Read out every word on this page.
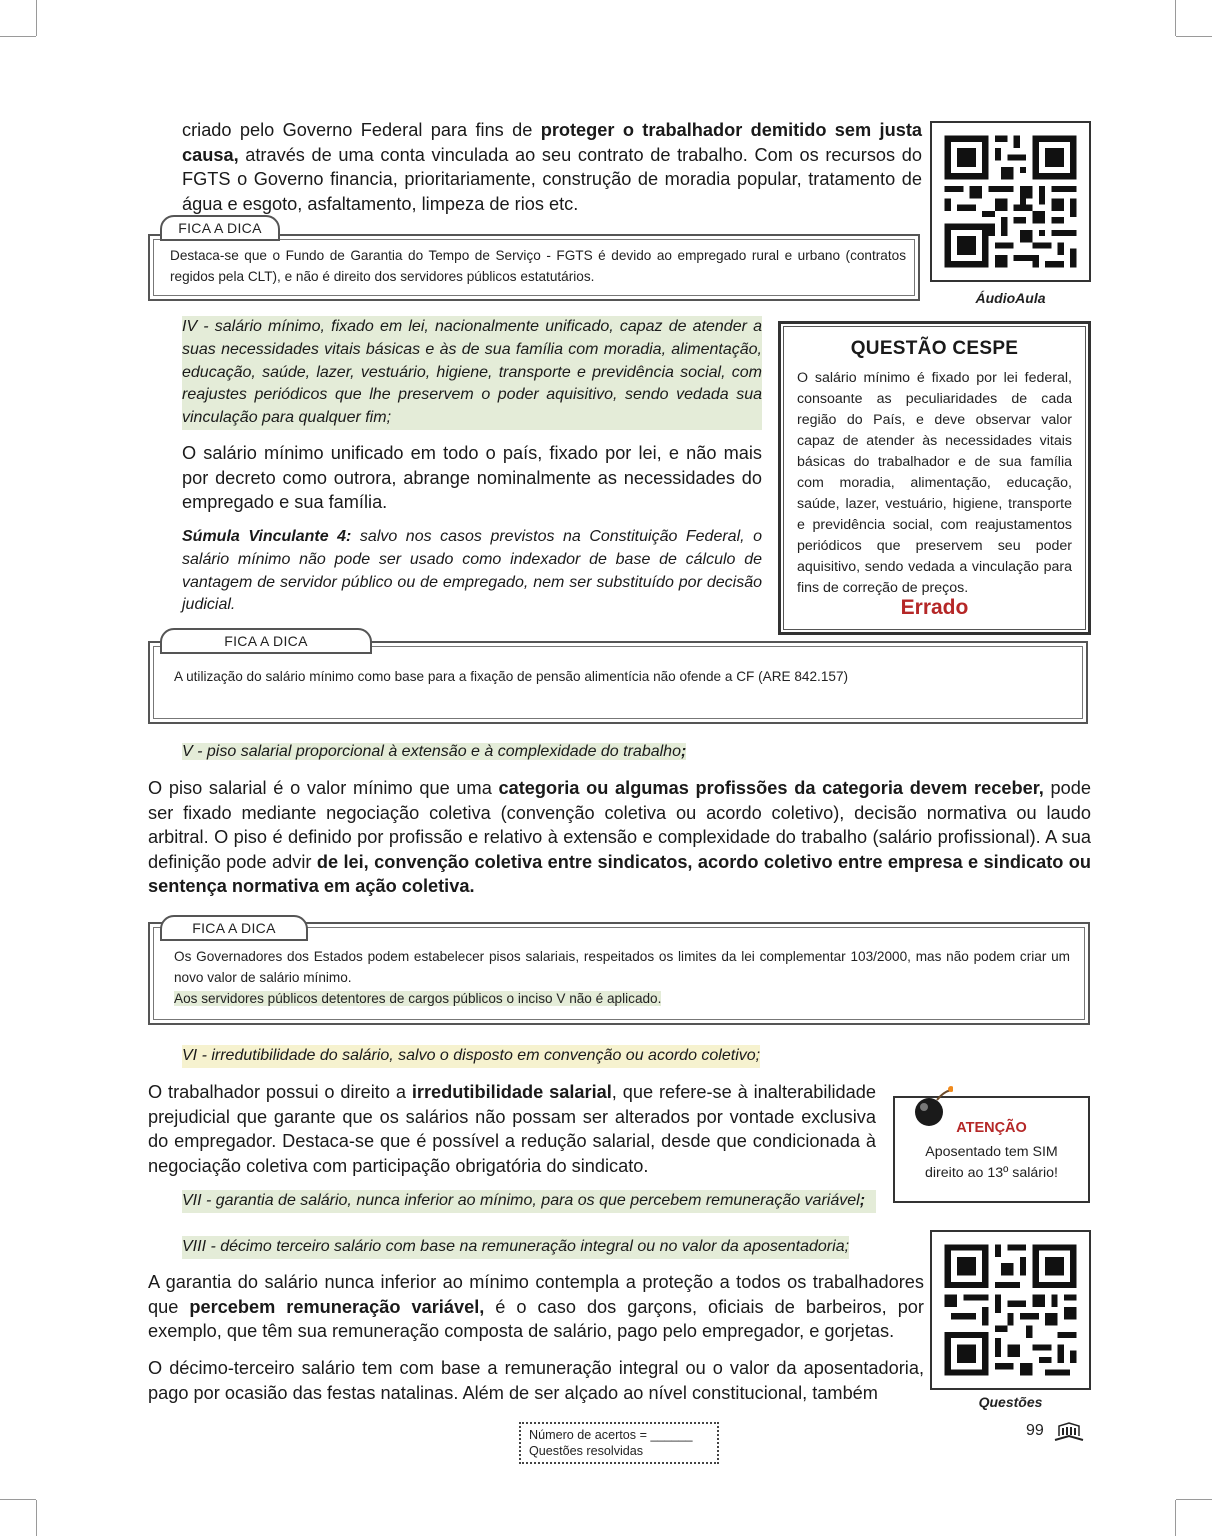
criado pelo Governo Federal para fins de proteger o trabalhador demitido sem justa causa, através de uma conta vinculada ao seu contrato de trabalho. Com os recursos do FGTS o Governo financia, prioritariamente, construção de moradia popular, tratamento de água e esgoto, asfaltamento, limpeza de rios etc.

ÁudioAula
FICA A DICA
Destaca-se que o Fundo de Garantia do Tempo de Serviço - FGTS é devido ao empregado rural e urbano (contratos regidos pela CLT), e não é direito dos servidores públicos estatutários.

IV - salário mínimo, fixado em lei, nacionalmente unificado, capaz de atender a suas necessidades vitais básicas e às de sua família com moradia, alimentação, educação, saúde, lazer, vestuário, higiene, transporte e previdência social, com reajustes periódicos que lhe preservem o poder aquisitivo, sendo vedada sua vinculação para qualquer fim;

O salário mínimo unificado em todo o país, fixado por lei, e não mais por decreto como outrora, abrange nominalmente as necessidades do empregado e sua família.

Súmula Vinculante 4: salvo nos casos previstos na Constituição Federal, o salário mínimo não pode ser usado como indexador de base de cálculo de vantagem de servidor público ou de empregado, nem ser substituído por decisão judicial.

QUESTÃO CESPE
O salário mínimo é fixado por lei federal, consoante as peculiaridades de cada região do País, e deve observar valor capaz de atender às necessidades vitais básicas do trabalhador e de sua família com moradia, alimentação, educação, saúde, lazer, vestuário, higiene, transporte e previdência social, com reajustamentos periódicos que preservem seu poder aquisitivo, sendo vedada a vinculação para fins de correção de preços.
Errado
FICA A DICA
A utilização do salário mínimo como base para a fixação de pensão alimentícia não ofende a CF (ARE 842.157)

V - piso salarial proporcional à extensão e à complexidade do trabalho;

O piso salarial é o valor mínimo que uma categoria ou algumas profissões da categoria devem receber, pode ser fixado mediante negociação coletiva (convenção coletiva ou acordo coletivo), decisão normativa ou laudo arbitral. O piso é definido por profissão e relativo à extensão e complexidade do trabalho (salário profissional). A sua definição pode advir de lei, convenção coletiva entre sindicatos, acordo coletivo entre empresa e sindicato ou sentença normativa em ação coletiva.

FICA A DICA
Os Governadores dos Estados podem estabelecer pisos salariais, respeitados os limites da lei complementar 103/2000, mas não podem criar um novo valor de salário mínimo.
Aos servidores públicos detentores de cargos públicos o inciso V não é aplicado.

VI - irredutibilidade do salário, salvo o disposto em convenção ou acordo coletivo;

O trabalhador possui o direito a irredutibilidade salarial, que refere-se à inalterabilidade prejudicial que garante que os salários não possam ser alterados por vontade exclusiva do empregador. Destaca-se que é possível a redução salarial, desde que condicionada à negociação coletiva com participação obrigatória do sindicato.

ATENÇÃO
Aposentado tem SIM direito ao 13º salário!

VII - garantia de salário, nunca inferior ao mínimo, para os que percebem remuneração variável;

VIII - décimo terceiro salário com base na remuneração integral ou no valor da aposentadoria;

A garantia do salário nunca inferior ao mínimo contempla a proteção a todos os trabalhadores que percebem remuneração variável, é o caso dos garçons, oficiais de barbeiros, por exemplo, que têm sua remuneração composta de salário, pago pelo empregador, e gorjetas.

O décimo-terceiro salário tem com base a remuneração integral ou o valor da aposentadoria, pago por ocasião das festas natalinas. Além de ser alçado ao nível constitucional, também	Questões
Número de acertos = ______
Questões resolvidas
99
